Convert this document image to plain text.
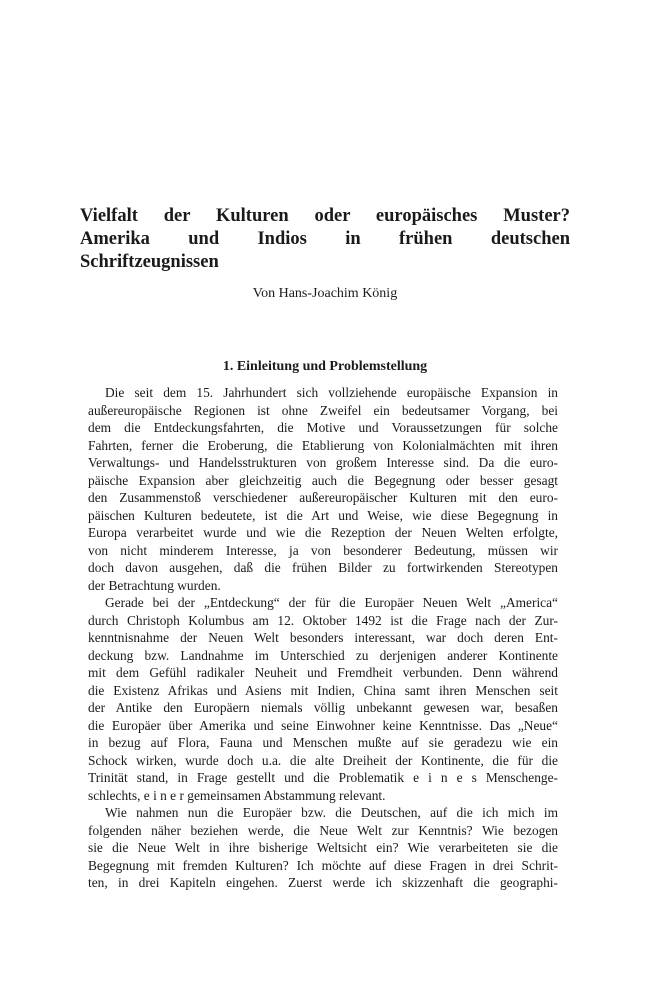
Vielfalt der Kulturen oder europäisches Muster?
Amerika und Indios in frühen deutschen
Schriftzeugnissen
Von Hans-Joachim König
1. Einleitung und Problemstellung

Die seit dem 15. Jahrhundert sich vollziehende europäische Expansion in
außereuropäische Regionen ist ohne Zweifel ein bedeutsamer Vorgang, bei
dem die Entdeckungsfahrten, die Motive und Voraussetzungen für solche
Fahrten, ferner die Eroberung, die Etablierung von Kolonialmächten mit ihren
Verwaltungs- und Handelsstrukturen von großem Interesse sind. Da die euro-
päische Expansion aber gleichzeitig auch die Begegnung oder besser gesagt
den Zusammenstoß verschiedener außereuropäischer Kulturen mit den euro-
päischen Kulturen bedeutete, ist die Art und Weise, wie diese Begegnung in
Europa verarbeitet wurde und wie die Rezeption der Neuen Welten erfolgte,
von nicht minderem Interesse, ja von besonderer Bedeutung, müssen wir
doch davon ausgehen, daß die frühen Bilder zu fortwirkenden Stereotypen
der Betrachtung wurden.

Gerade bei der „Entdeckung“ der für die Europäer Neuen Welt „America“
durch Christoph Kolumbus am 12. Oktober 1492 ist die Frage nach der Zur-
kenntnisnahme der Neuen Welt besonders interessant, war doch deren Ent-
deckung bzw. Landnahme im Unterschied zu derjenigen anderer Kontinente
mit dem Gefühl radikaler Neuheit und Fremdheit verbunden. Denn während
die Existenz Afrikas und Asiens mit Indien, China samt ihren Menschen seit
der Antike den Europäern niemals völlig unbekannt gewesen war, besaßen
die Europäer über Amerika und seine Einwohner keine Kenntnisse. Das „Neue“
in bezug auf Flora, Fauna und Menschen mußte auf sie geradezu wie ein
Schock wirken, wurde doch u.a. die alte Dreiheit der Kontinente, die für die
Trinität stand, in Frage gestellt und die Problematik e i n e s Menschenge-
schlechts, e i n e r gemeinsamen Abstammung relevant.

Wie nahmen nun die Europäer bzw. die Deutschen, auf die ich mich im
folgenden näher beziehen werde, die Neue Welt zur Kenntnis? Wie bezogen
sie die Neue Welt in ihre bisherige Weltsicht ein? Wie verarbeiteten sie die
Begegnung mit fremden Kulturen? Ich möchte auf diese Fragen in drei Schrit-
ten, in drei Kapiteln eingehen. Zuerst werde ich skizzenhaft die geographi-
